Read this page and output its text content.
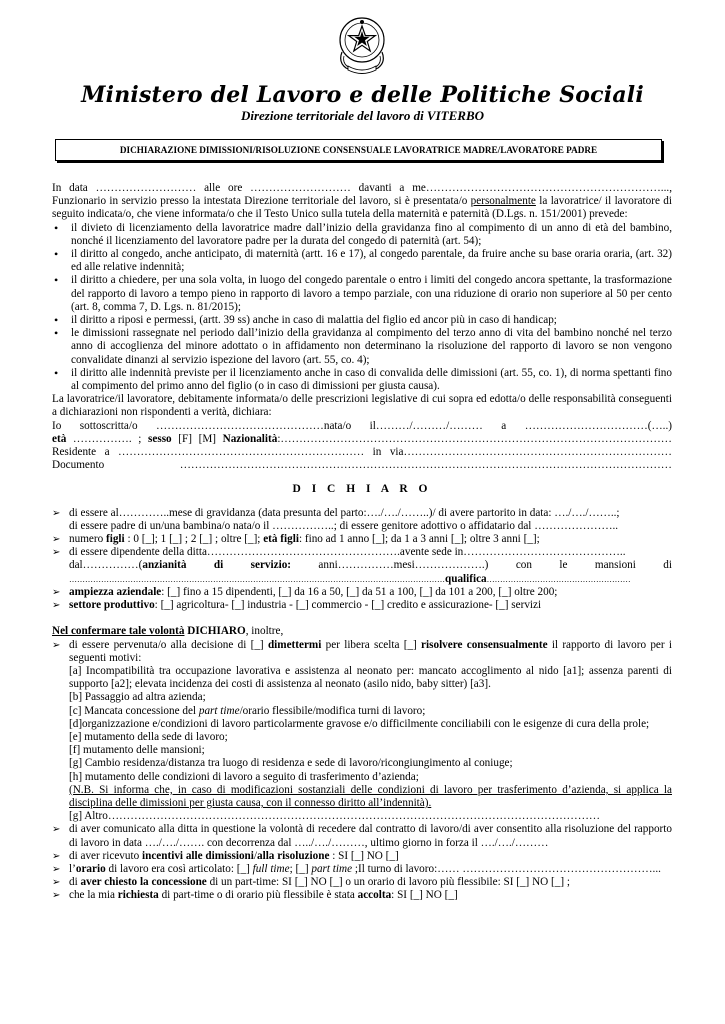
Ministero del Lavoro e delle Politiche Sociali
Direzione territoriale del lavoro di VITERBO
DICHIARAZIONE DIMISSIONI/RISOLUZIONE CONSENSUALE LAVORATRICE MADRE/LAVORATORE PADRE

In data ……………………… alle ore ……………………… davanti a me………………………………………………………...,

Funzionario in servizio presso la intestata Direzione territoriale del lavoro, si è presentata/o personalmente la lavoratrice/ il lavoratore di seguito indicata/o, che viene informata/o che il Testo Unico sulla tutela della maternità e paternità (D.Lgs. n. 151/2001) prevede:

• il divieto di licenziamento della lavoratrice madre dall’inizio della gravidanza fino al compimento di un anno di età del bambino, nonché il licenziamento del lavoratore padre per la durata del congedo di paternità (art. 54);

• il diritto al congedo, anche anticipato, di maternità (artt. 16 e 17), al congedo parentale, da fruire anche su base oraria oraria, (art. 32) ed alle relative indennità;

• il diritto a chiedere, per una sola volta, in luogo del congedo parentale o entro i limiti del congedo ancora spettante, la trasformazione del rapporto di lavoro a tempo pieno in rapporto di lavoro a tempo parziale, con una riduzione di orario non superiore al 50 per cento (art. 8, comma 7, D. Lgs. n. 81/2015);

• il diritto a riposi e permessi, (artt. 39 ss) anche in caso di malattia del figlio ed ancor più in caso di handicap;

• le dimissioni rassegnate nel periodo dall’inizio della gravidanza al compimento del terzo anno di vita del bambino nonché nel terzo anno di accoglienza del minore adottato o in affidamento non determinano la risoluzione del rapporto di lavoro se non vengono convalidate dinanzi al servizio ispezione del lavoro (art. 55, co. 4);

• il diritto alle indennità previste per il licenziamento anche in caso di convalida delle dimissioni (art. 55, co. 1), di norma spettanti fino al compimento del primo anno del figlio (o in caso di dimissioni per giusta causa).

La lavoratrice/il lavoratore, debitamente informata/o delle prescrizioni legislative di cui sopra ed edotta/o delle responsabilità conseguenti a dichiarazioni non rispondenti a verità, dichiara:

Io sottoscritta/o ………………………………………nata/o il………/………/……… a ……………………………(…..)

età ……………. ; sesso [F] [M] Nazionalità:……………………………………………………………………………………………

Residente a ………………………………………………………… in via………………………………………………………………

Documento ……………………………………………………………………………………………………………………

D I C H I A R O

➢ di essere al…………..mese di gravidanza (data presunta del parto:…./…./……..)/ di avere partorito in data: …./…./……..;

di essere padre di un/una bambina/o nata/o il ……………..; di essere genitore adottivo o affidatario dal …………………..

➢ numero figli : 0 [_]; 1 [_] ; 2 [_] ; oltre [_]; età figli: fino ad 1 anno [_]; da 1 a 3 anni [_]; oltre 3 anni [_];

➢ di essere dipendente della ditta…………………………………………….avente sede in……………………………………..

dal……………(anzianità di servizio: anni……………mesi……………….) con le mansioni di

……………………………………………………………………………………………………………………………qualifica………………………………………………

➢ ampiezza aziendale: [_] fino a 15 dipendenti, [_] da 16 a 50, [_] da 51 a 100, [_] da 101 a 200, [_] oltre 200;

➢ settore produttivo: [_] agricoltura- [_] industria - [_] commercio - [_] credito e assicurazione- [_] servizi

Nel confermare tale volontà DICHIARO, inoltre,

➢ di essere pervenuta/o alla decisione di [_] dimettermi per libera scelta [_] risolvere consensualmente il rapporto di lavoro per i seguenti motivi:

[a] Incompatibilità tra occupazione lavorativa e assistenza al neonato per: mancato accoglimento al nido [a1]; assenza parenti di supporto [a2]; elevata incidenza dei costi di assistenza al neonato (asilo nido, baby sitter) [a3].

[b] Passaggio ad altra azienda;

[c] Mancata concessione del part time/orario flessibile/modifica turni di lavoro;

[d]organizzazione e/condizioni di lavoro particolarmente gravose e/o difficilmente conciliabili con le esigenze di cura della prole;

[e] mutamento della sede di lavoro;

[f] mutamento delle mansioni;

[g] Cambio residenza/distanza tra luogo di residenza e sede di lavoro/ricongiungimento al coniuge;

[h] mutamento delle condizioni di lavoro a seguito di trasferimento d’azienda;

(N.B. Si informa che, in caso di modificazioni sostanziali delle condizioni di lavoro per trasferimento d’azienda, si applica la disciplina delle dimissioni per giusta causa, con il connesso diritto all’indennità).

[g] Altro……………………………………………………………………………………………………………………

➢ di aver comunicato alla ditta in questione la volontà di recedere dal contratto di lavoro/di aver consentito alla risoluzione del rapporto di lavoro in data …./…./……. con decorrenza dal …../…./………, ultimo giorno in forza il …./…./………

➢ di aver ricevuto incentivi alle dimissioni/alla risoluzione : SI [_] NO [_]

➢ l’orario di lavoro era così articolato: [_] full time; [_] part time ;Il turno di lavoro:…… ……………………………………………...

➢ di aver chiesto la concessione di un part-time: SI [_] NO [_] o un orario di lavoro più flessibile: SI [_] NO [_] ;

➢ che la mia richiesta di part-time o di orario più flessibile è stata accolta: SI [_] NO [_]
